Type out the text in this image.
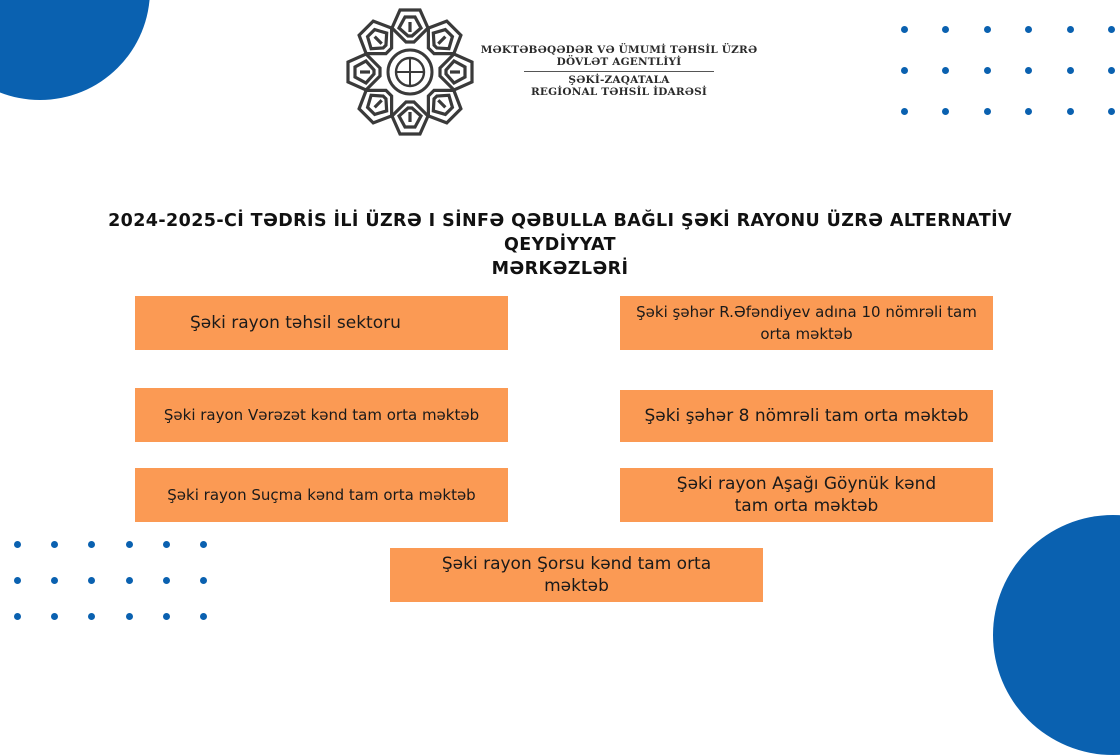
MƏKTƏBƏQƏDƏR VƏ ÜMUMİ TƏHSİL ÜZRƏ
DÖVLƏT AGENTLİYİ
ŞƏKİ-ZAQATALA
REGİONAL TƏHSİL İDARƏSİ
2024-2025-Cİ TƏDRİS İLİ ÜZRƏ I SİNFƏ QƏBULLA BAĞLI ŞƏKİ RAYONU ÜZRƏ ALTERNATİV QEYDİYYAT
MƏRKƏZLƏRİ
Şəki rayon təhsil sektoru
Şəki şəhər R.Əfəndiyev adına 10 nömrəli tam orta məktəb
Şəki rayon Vərəzət kənd tam orta məktəb	Şəki şəhər 8 nömrəli tam orta məktəb
Şəki rayon Suçma kənd tam orta məktəb
Şəki rayon Aşağı Göynük kənd tam orta məktəb
Şəki rayon Şorsu kənd tam orta məktəb
